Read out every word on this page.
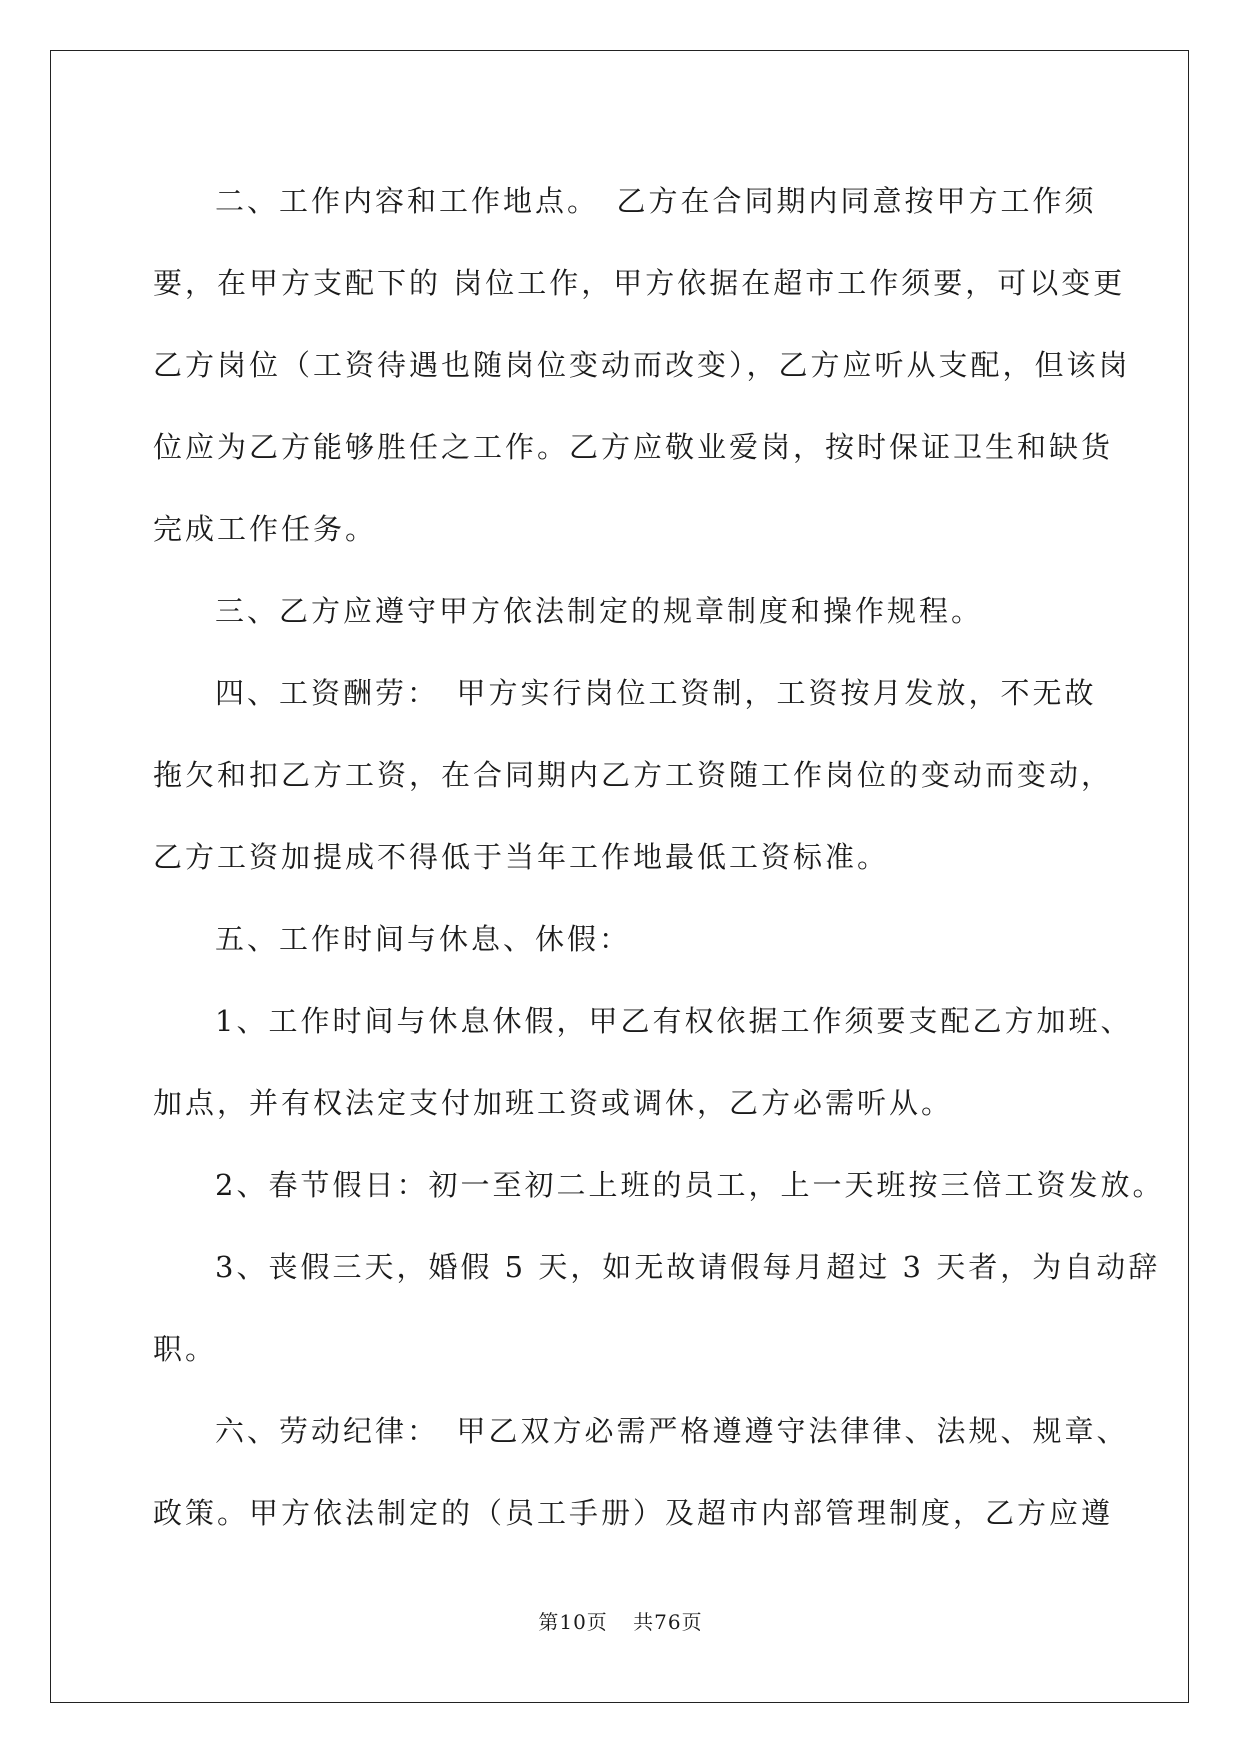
二、工作内容和工作地点。　乙方在合同期内同意按甲方工作须
要，在甲方支配下的 岗位工作，甲方依据在超市工作须要，可以变更
乙方岗位（工资待遇也随岗位变动而改变），乙方应听从支配，但该岗
位应为乙方能够胜任之工作。乙方应敬业爱岗，按时保证卫生和缺货
完成工作任务。
三、乙方应遵守甲方依法制定的规章制度和操作规程。
四、工资酬劳：　甲方实行岗位工资制，工资按月发放，不无故
拖欠和扣乙方工资，在合同期内乙方工资随工作岗位的变动而变动，
乙方工资加提成不得低于当年工作地最低工资标准。
五、工作时间与休息、休假：
1、工作时间与休息休假，甲乙有权依据工作须要支配乙方加班、
加点，并有权法定支付加班工资或调休，乙方必需听从。
2、春节假日：初一至初二上班的员工，上一天班按三倍工资发放。
3、丧假三天，婚假 5 天，如无故请假每月超过 3 天者，为自动辞
职。
六、劳动纪律：　甲乙双方必需严格遵遵守法律律、法规、规章、
政策。甲方依法制定的（员工手册）及超市内部管理制度，乙方应遵
第10页 共76页
